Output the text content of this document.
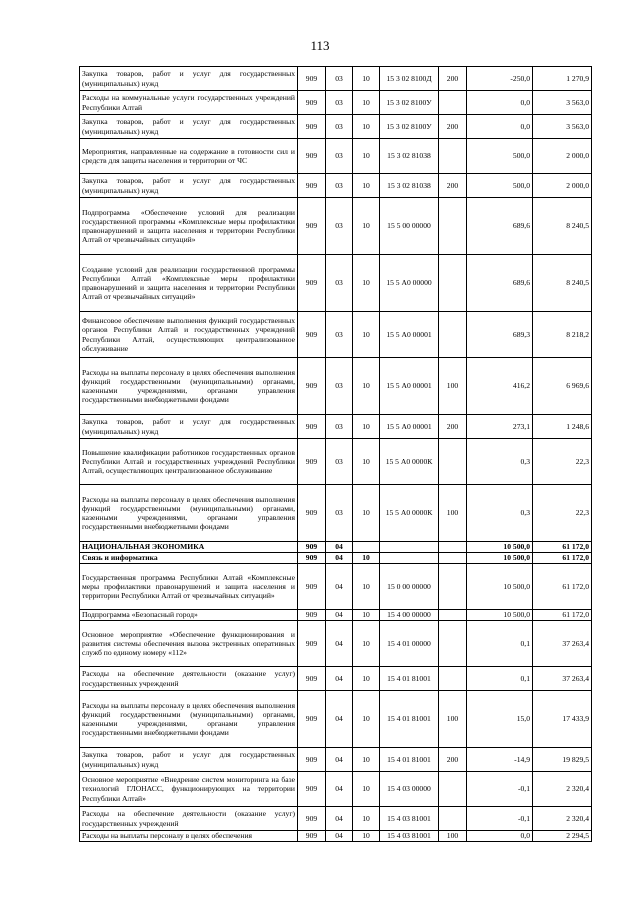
113
Закупка товаров, работ и услуг для государственных (муниципальных) нужд	909	03	10	15 3 02 8100Д	200	-250,0	1 270,9
Расходы на коммунальные услуги государственных учреждений Республики Алтай	909	03	10	15 3 02 8100У		0,0	3 563,0
Закупка товаров, работ и услуг для государственных (муниципальных) нужд	909	03	10	15 3 02 8100У	200	0,0	3 563,0
Мероприятия, направленные на содержание в готовности сил и средств для защиты населения и территории от ЧС	909	03	10	15 3 02 81038		500,0	2 000,0
Закупка товаров, работ и услуг для государственных (муниципальных) нужд	909	03	10	15 3 02 81038	200	500,0	2 000,0
Подпрограмма «Обеспечение условий для реализации государственной программы «Комплексные меры профилактики правонарушений и защита населения и территории Республики Алтай от чрезвычайных ситуаций»	909	03	10	15 5 00 00000		689,6	8 240,5
Создание условий для реализации государственной программы Республики Алтай «Комплексные меры профилактики правонарушений и защита населения и территории Республики Алтай от чрезвычайных ситуаций»	909	03	10	15 5 А0 00000		689,6	8 240,5
Финансовое обеспечение выполнения функций государственных органов Республики Алтай и государственных учреждений Республики Алтай, осуществляющих централизованное обслуживание	909	03	10	15 5 А0 00001		689,3	8 218,2
Расходы на выплаты персоналу в целях обеспечения выполнения функций государственными (муниципальными) органами, казенными учреждениями, органами управления государственными внебюджетными фондами	909	03	10	15 5 А0 00001	100	416,2	6 969,6
Закупка товаров, работ и услуг для государственных (муниципальных) нужд	909	03	10	15 5 А0 00001	200	273,1	1 248,6
Повышение квалификации работников государственных органов Республики Алтай и государственных учреждений Республики Алтай, осуществляющих централизованное обслуживание	909	03	10	15 5 А0 0000К		0,3	22,3
Расходы на выплаты персоналу в целях обеспечения выполнения функций государственными (муниципальными) органами, казенными учреждениями, органами управления государственными внебюджетными фондами	909	03	10	15 5 А0 0000К	100	0,3	22,3
НАЦИОНАЛЬНАЯ ЭКОНОМИКА	909	04				10 500,0	61 172,0
Связь и информатика	909	04	10			10 500,0	61 172,0
Государственная программа Республики Алтай «Комплексные меры профилактики правонарушений и защита населения и территории Республики Алтай от чрезвычайных ситуаций»	909	04	10	15 0 00 00000		10 500,0	61 172,0
Подпрограмма «Безопасный город»	909	04	10	15 4 00 00000		10 500,0	61 172,0
Основное мероприятие «Обеспечение функционирования и развития системы обеспечения вызова экстренных оперативных служб по единому номеру «112»	909	04	10	15 4 01 00000		0,1	37 263,4
Расходы на обеспечение деятельности (оказание услуг) государственных учреждений	909	04	10	15 4 01 81001		0,1	37 263,4
Расходы на выплаты персоналу в целях обеспечения выполнения функций государственными (муниципальными) органами, казенными учреждениями, органами управления государственными внебюджетными фондами	909	04	10	15 4 01 81001	100	15,0	17 433,9
Закупка товаров, работ и услуг для государственных (муниципальных) нужд	909	04	10	15 4 01 81001	200	-14,9	19 829,5
Основное мероприятие «Внедрение систем мониторинга на базе технологий ГЛОНАСС, функционирующих на территории Республики Алтай»	909	04	10	15 4 03 00000		-0,1	2 320,4
Расходы на обеспечение деятельности (оказание услуг) государственных учреждений	909	04	10	15 4 03 81001		-0,1	2 320,4
Расходы на выплаты персоналу в целях обеспечения	909	04	10	15 4 03 81001	100	0,0	2 294,5
